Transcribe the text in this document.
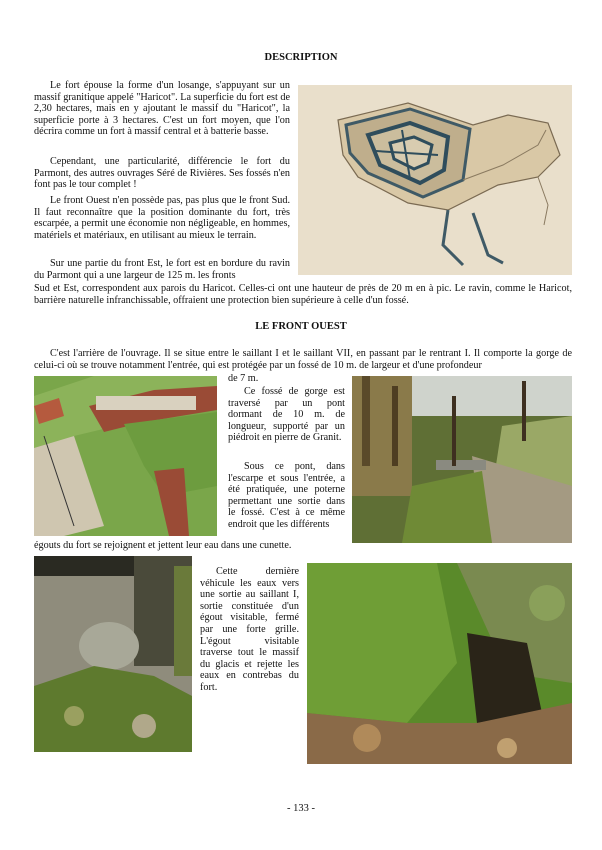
DESCRIPTION

Le fort épouse la forme d'un losange, s'appuyant sur un massif granitique appelé "Haricot". La superficie du fort est de 2,30 hectares, mais en y ajoutant le massif du "Haricot", la superficie porte à 3 hectares. C'est un fort moyen, que l'on décrira comme un fort à massif central et à batterie basse.

Cependant, une particularité, différencie le fort du Parmont, des autres ouvrages Séré de Rivières. Ses fossés n'en font pas le tour complet !

Le front Ouest n'en possède pas, pas plus que le front Sud. Il faut reconnaître que la position dominante du fort, très escarpée, a permit une économie non négligeable, en hommes, matériels et matériaux, en utilisant au mieux le terrain.

Sur une partie du front Est, le fort est en bordure du ravin du Parmont qui a une largeur de 125 m. les fronts

Sud et Est, correspondent aux parois du Haricot. Celles-ci ont une hauteur de près de 20 m en à pic. Le ravin, comme le Haricot, barrière naturelle infranchissable, offraient une protection bien supérieure à celle d'un fossé.

LE FRONT OUEST

C'est l'arrière de l'ouvrage. Il se situe entre le saillant I et le saillant VII, en passant par le rentrant I. Il comporte la gorge de celui-ci où se trouve notamment l'entrée, qui est protégée par un fossé de 10 m. de largeur et d'une profondeur

de 7 m.

Ce fossé de gorge est traversé par un pont dormant de 10 m. de longueur, supporté par un piédroit en pierre de Granit.

Sous ce pont, dans l'escarpe et sous l'entrée, a été pratiquée, une poterne permettant une sortie dans le fossé. C'est à ce même endroit que les différents

égouts du fort se rejoignent et jettent leur eau dans une cunette.

Cette dernière véhicule les eaux vers une sortie au saillant I, sortie constituée d'un égout visitable, fermé par une forte grille. L'égout visitable traverse tout le massif du glacis et rejette les eaux en contrebas du fort.

- 133 -
